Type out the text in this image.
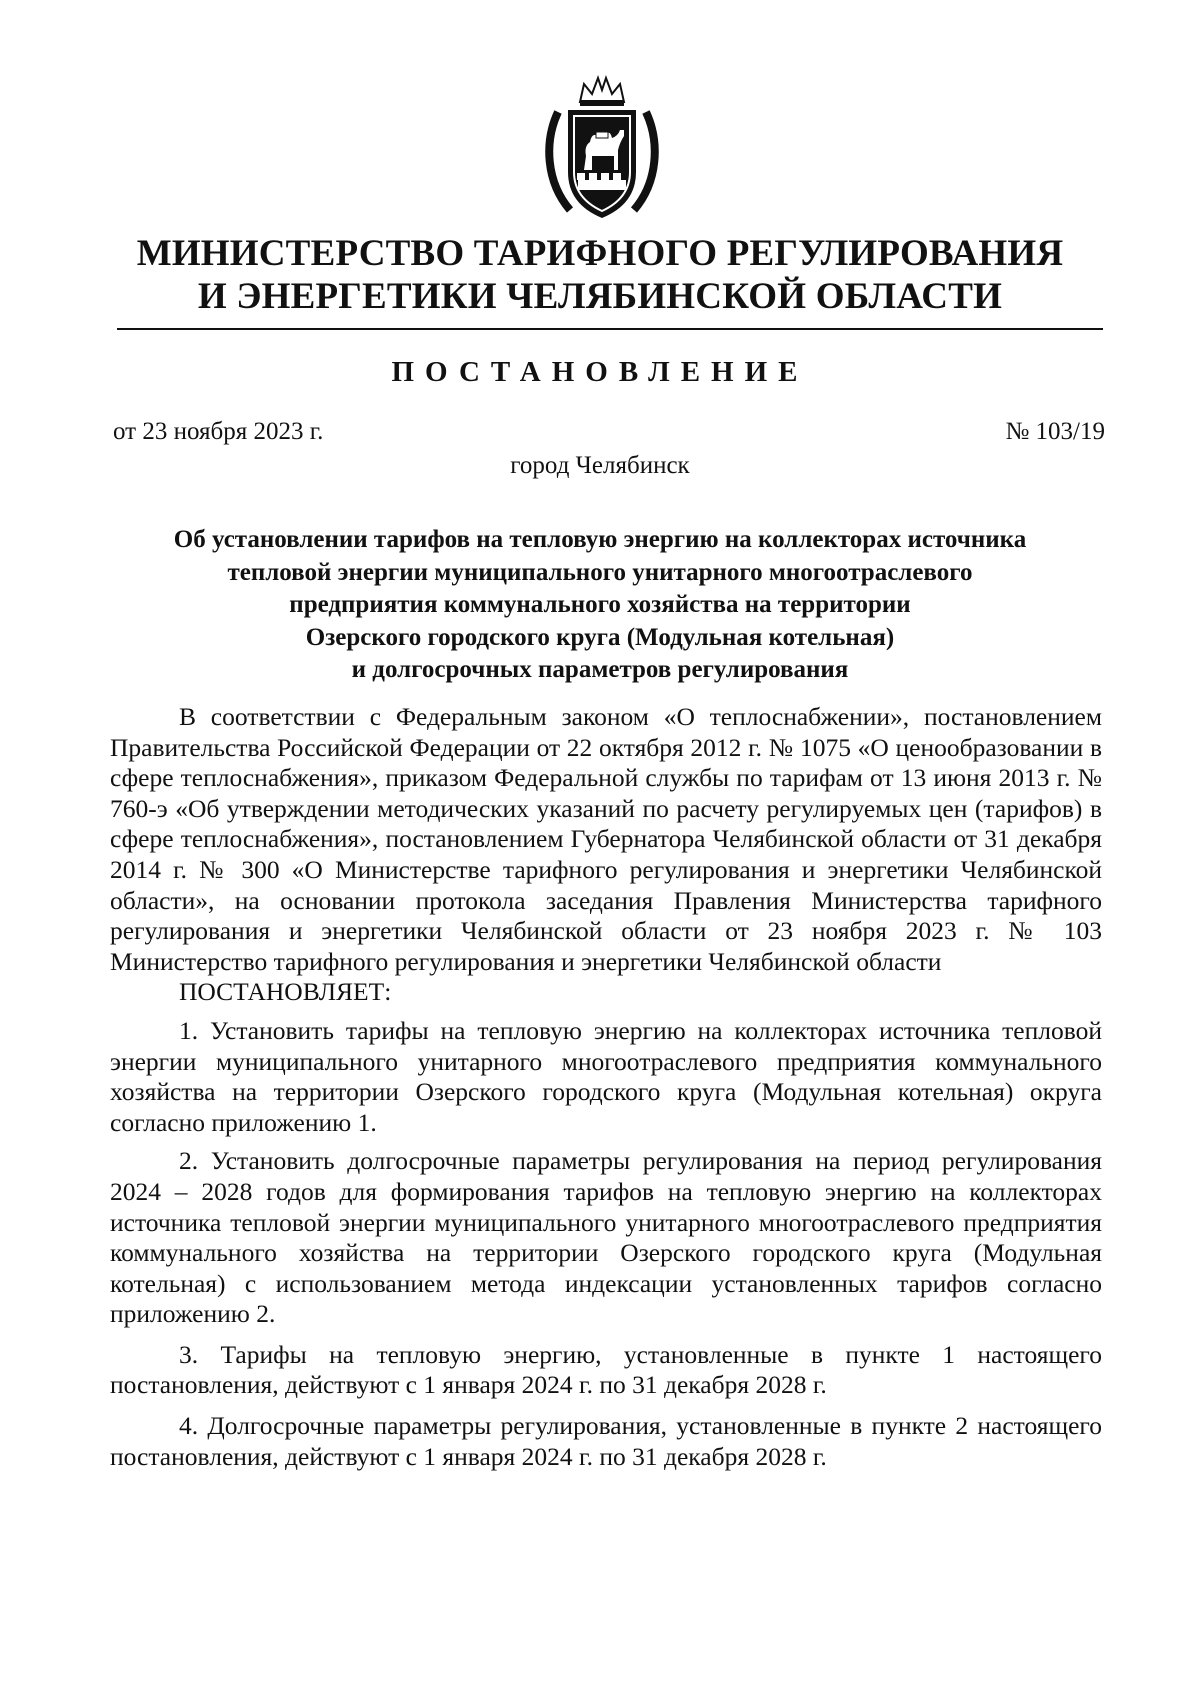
МИНИСТЕРСТВО ТАРИФНОГО РЕГУЛИРОВАНИЯ
И ЭНЕРГЕТИКИ ЧЕЛЯБИНСКОЙ ОБЛАСТИ
ПОСТАНОВЛЕНИЕ
от 23 ноября 2023 г.	№ 103/19
город Челябинск
Об установлении тарифов на тепловую энергию на коллекторах источника
тепловой энергии муниципального унитарного многоотраслевого
предприятия коммунального хозяйства на территории
Озерского городского круга (Модульная котельная)
и долгосрочных параметров регулирования

В соответствии с Федеральным законом «О теплоснабжении», постановлением Правительства Российской Федерации от 22 октября 2012 г. № 1075 «О ценообразовании в сфере теплоснабжения», приказом Федеральной службы по тарифам от 13 июня 2013 г. № 760-э «Об утверждении методических указаний по расчету регулируемых цен (тарифов) в сфере теплоснабжения», постановлением Губернатора Челябинской области от 31 декабря 2014 г. № 300 «О Министерстве тарифного регулирования и энергетики Челябинской области», на основании протокола заседания Правления Министерства тарифного регулирования и энергетики Челябинской области от 23 ноября 2023 г. № 103 Министерство тарифного регулирования и энергетики Челябинской области

ПОСТАНОВЛЯЕТ:

1. Установить тарифы на тепловую энергию на коллекторах источника тепловой энергии муниципального унитарного многоотраслевого предприятия коммунального хозяйства на территории Озерского городского круга (Модульная котельная) округа согласно приложению 1.

2. Установить долгосрочные параметры регулирования на период регулирования 2024 – 2028 годов для формирования тарифов на тепловую энергию на коллекторах источника тепловой энергии муниципального унитарного многоотраслевого предприятия коммунального хозяйства на территории Озерского городского круга (Модульная котельная) с использованием метода индексации установленных тарифов согласно приложению 2.

3. Тарифы на тепловую энергию, установленные в пункте 1 настоящего постановления, действуют с 1 января 2024 г. по 31 декабря 2028 г.

4. Долгосрочные параметры регулирования, установленные в пункте 2 настоящего постановления, действуют с 1 января 2024 г. по 31 декабря 2028 г.
